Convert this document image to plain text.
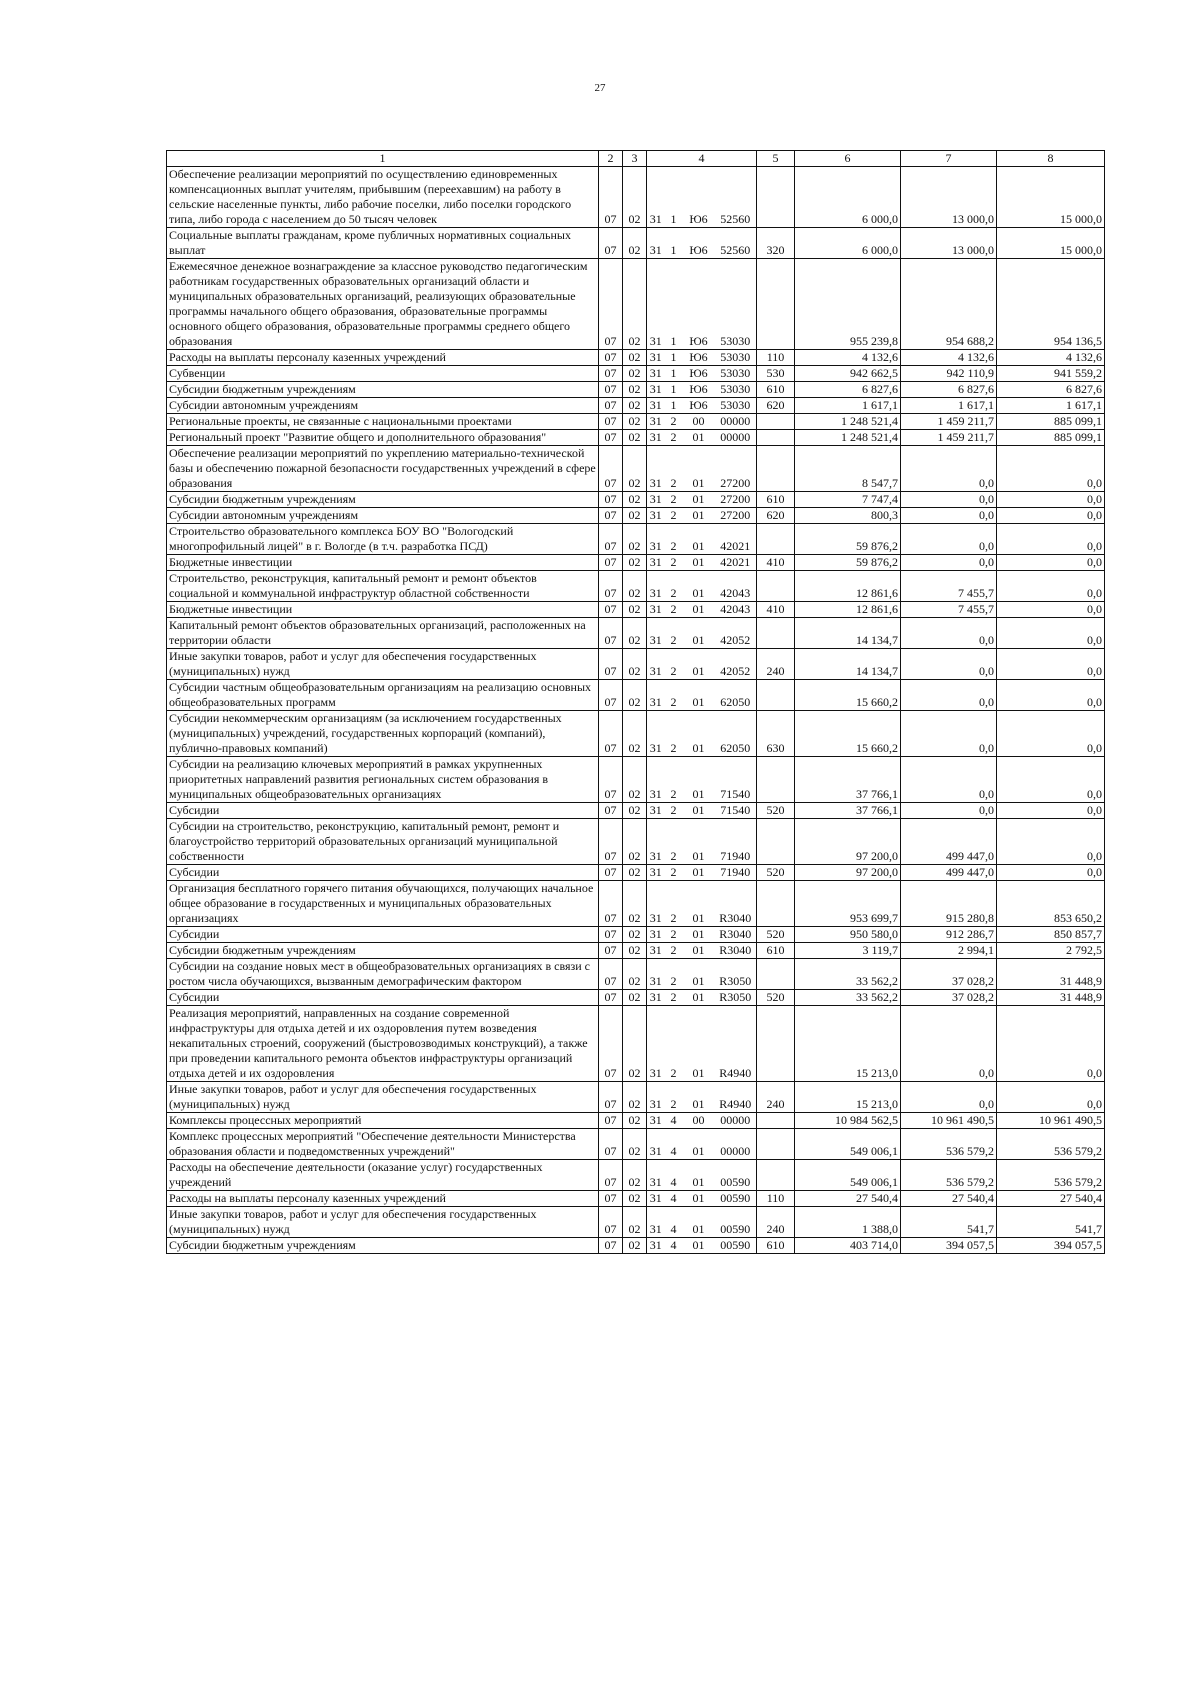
27
1	2	3	4				5	6	7	8
Обеспечение реализации мероприятий по осуществлению единовременных компенсационных выплат учителям, прибывшим (переехавшим) на работу в сельские населенные пункты, либо рабочие поселки, либо поселки городского типа, либо города с населением до 50 тысяч человек	07	02	31	1	Ю6	52560		6 000,0	13 000,0	15 000,0
Социальные выплаты гражданам, кроме публичных нормативных социальных выплат	07	02	31	1	Ю6	52560	320	6 000,0	13 000,0	15 000,0
Ежемесячное денежное вознаграждение за классное руководство педагогическим работникам государственных образовательных организаций области и муниципальных образовательных организаций, реализующих образовательные программы начального общего образования, образовательные программы основного общего образования, образовательные программы среднего общего образования	07	02	31	1	Ю6	53030		955 239,8	954 688,2	954 136,5
Расходы на выплаты персоналу казенных учреждений	07	02	31	1	Ю6	53030	110	4 132,6	4 132,6	4 132,6
Субвенции	07	02	31	1	Ю6	53030	530	942 662,5	942 110,9	941 559,2
Субсидии бюджетным учреждениям	07	02	31	1	Ю6	53030	610	6 827,6	6 827,6	6 827,6
Субсидии автономным учреждениям	07	02	31	1	Ю6	53030	620	1 617,1	1 617,1	1 617,1
Региональные проекты, не связанные с национальными проектами	07	02	31	2	00	00000		1 248 521,4	1 459 211,7	885 099,1
Региональный проект "Развитие общего и дополнительного образования"	07	02	31	2	01	00000		1 248 521,4	1 459 211,7	885 099,1
Обеспечение реализации мероприятий по укреплению материально-технической базы и обеспечению пожарной безопасности государственных учреждений в сфере образования	07	02	31	2	01	27200		8 547,7	0,0	0,0
Субсидии бюджетным учреждениям	07	02	31	2	01	27200	610	7 747,4	0,0	0,0
Субсидии автономным учреждениям	07	02	31	2	01	27200	620	800,3	0,0	0,0
Строительство образовательного комплекса БОУ ВО "Вологодский многопрофильный лицей" в г. Вологде (в т.ч. разработка ПСД)	07	02	31	2	01	42021		59 876,2	0,0	0,0
Бюджетные инвестиции	07	02	31	2	01	42021	410	59 876,2	0,0	0,0
Строительство, реконструкция, капитальный ремонт и ремонт объектов социальной и коммунальной инфраструктур областной собственности	07	02	31	2	01	42043		12 861,6	7 455,7	0,0
Бюджетные инвестиции	07	02	31	2	01	42043	410	12 861,6	7 455,7	0,0
Капитальный ремонт объектов образовательных организаций, расположенных на территории области	07	02	31	2	01	42052		14 134,7	0,0	0,0
Иные закупки товаров, работ и услуг для обеспечения государственных (муниципальных) нужд	07	02	31	2	01	42052	240	14 134,7	0,0	0,0
Субсидии частным общеобразовательным организациям на реализацию основных общеобразовательных программ	07	02	31	2	01	62050		15 660,2	0,0	0,0
Субсидии некоммерческим организациям (за исключением государственных (муниципальных) учреждений, государственных корпораций (компаний), публично-правовых компаний)	07	02	31	2	01	62050	630	15 660,2	0,0	0,0
Субсидии на реализацию ключевых мероприятий в рамках укрупненных приоритетных направлений развития региональных систем образования в муниципальных общеобразовательных организациях	07	02	31	2	01	71540		37 766,1	0,0	0,0
Субсидии	07	02	31	2	01	71540	520	37 766,1	0,0	0,0
Субсидии на строительство, реконструкцию, капитальный ремонт, ремонт и благоустройство территорий образовательных организаций муниципальной собственности	07	02	31	2	01	71940		97 200,0	499 447,0	0,0
Субсидии	07	02	31	2	01	71940	520	97 200,0	499 447,0	0,0
Организация бесплатного горячего питания обучающихся, получающих начальное общее образование в государственных и муниципальных образовательных организациях	07	02	31	2	01	R3040		953 699,7	915 280,8	853 650,2
Субсидии	07	02	31	2	01	R3040	520	950 580,0	912 286,7	850 857,7
Субсидии бюджетным учреждениям	07	02	31	2	01	R3040	610	3 119,7	2 994,1	2 792,5
Субсидии на создание новых мест в общеобразовательных организациях в связи с ростом числа обучающихся, вызванным демографическим фактором	07	02	31	2	01	R3050		33 562,2	37 028,2	31 448,9
Субсидии	07	02	31	2	01	R3050	520	33 562,2	37 028,2	31 448,9
Реализация мероприятий, направленных на создание современной инфраструктуры для отдыха детей и их оздоровления путем возведения некапитальных строений, сооружений (быстровозводимых конструкций), а также при проведении капитального ремонта объектов инфраструктуры организаций отдыха детей и их оздоровления	07	02	31	2	01	R4940		15 213,0	0,0	0,0
Иные закупки товаров, работ и услуг для обеспечения государственных (муниципальных) нужд	07	02	31	2	01	R4940	240	15 213,0	0,0	0,0
Комплексы процессных мероприятий	07	02	31	4	00	00000		10 984 562,5	10 961 490,5	10 961 490,5
Комплекс процессных мероприятий "Обеспечение деятельности Министерства образования области и подведомственных учреждений"	07	02	31	4	01	00000		549 006,1	536 579,2	536 579,2
Расходы на обеспечение деятельности (оказание услуг) государственных учреждений	07	02	31	4	01	00590		549 006,1	536 579,2	536 579,2
Расходы на выплаты персоналу казенных учреждений	07	02	31	4	01	00590	110	27 540,4	27 540,4	27 540,4
Иные закупки товаров, работ и услуг для обеспечения государственных (муниципальных) нужд	07	02	31	4	01	00590	240	1 388,0	541,7	541,7
Субсидии бюджетным учреждениям	07	02	31	4	01	00590	610	403 714,0	394 057,5	394 057,5
